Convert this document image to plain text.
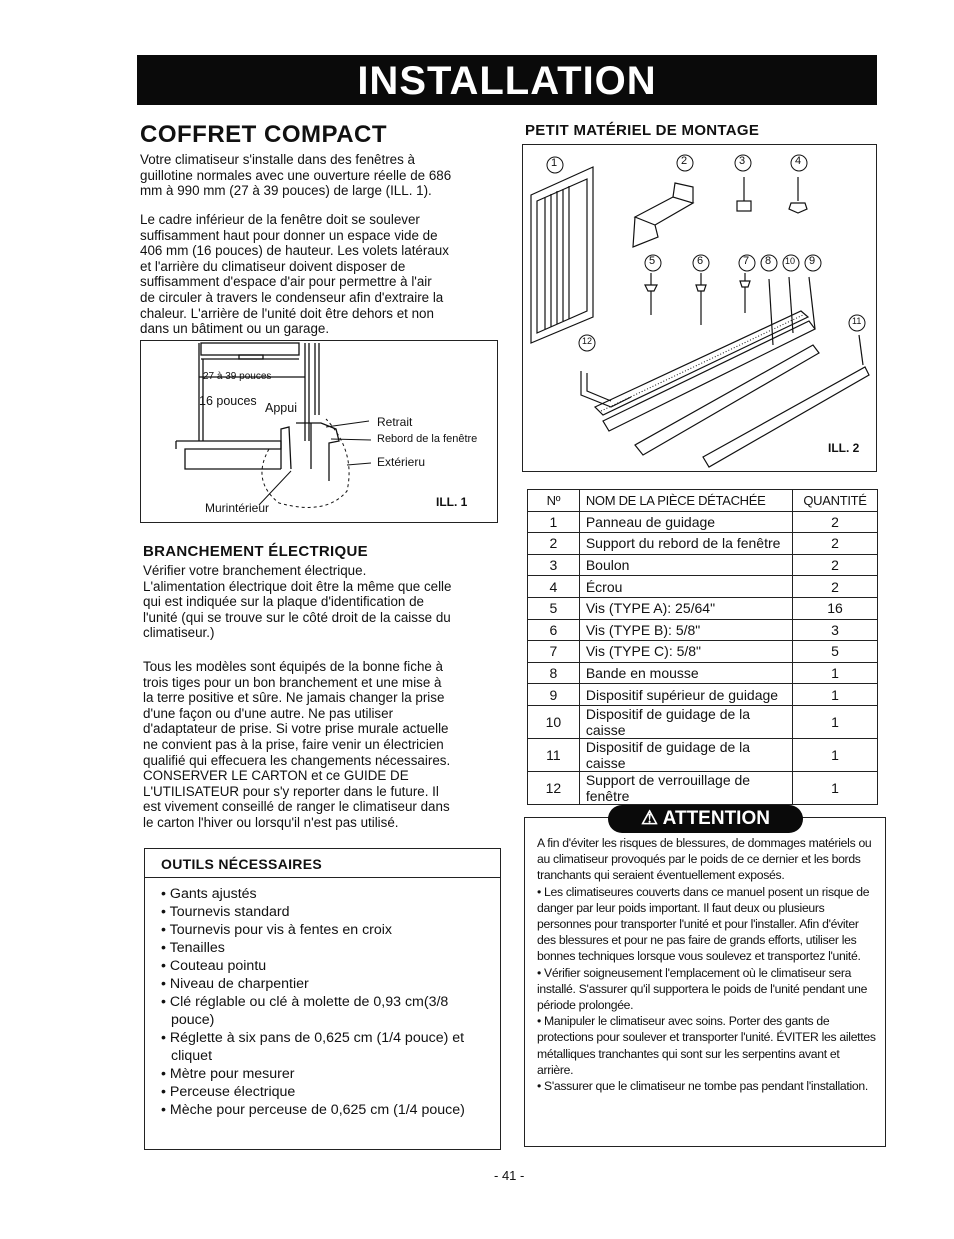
INSTALLATION
COFFRET COMPACT
Votre climatiseur s'installe dans des fenêtres à
guillotine normales avec une ouverture réelle de 686
mm à 990 mm (27 à 39 pouces) de large (ILL. 1).
Le cadre inférieur de la fenêtre doit se soulever
suffisamment haut pour donner un espace vide de
406 mm (16 pouces) de hauteur. Les volets latéraux
et l'arrière du climatiseur doivent disposer de
suffisamment d'espace d'air pour permettre à l'air
de circuler à travers le condenseur afin d'extraire la
chaleur. L'arrière de l'unité doit être dehors et non
dans un bâtiment ou un garage.
27 à 39 pouces
16 pouces Appui
Retrait
Rebord de la fenêtre
Extérieru
Murintérieur	ILL. 1
BRANCHEMENT ÉLECTRIQUE
Vérifier votre branchement électrique.
L'alimentation électrique doit être la même que celle
qui est indiquée sur la plaque d'identification de
l'unité (qui se trouve sur le côté droit de la caisse du
climatiseur.)
Tous les modèles sont équipés de la bonne fiche à
trois tiges pour un bon branchement et une mise à
la terre positive et sûre. Ne jamais changer la prise
d'une façon ou d'une autre. Ne pas utiliser
d'adaptateur de prise. Si votre prise murale actuelle
ne convient pas à la prise, faire venir un électricien
qualifié qui effecuera les changements nécessaires.
CONSERVER LE CARTON et ce GUIDE DE
L'UTILISATEUR pour s'y reporter dans le future. Il
est vivement conseillé de ranger le climatiseur dans
le carton l'hiver ou lorsqu'il n'est pas utilisé.
OUTILS NÉCESSAIRES
• Gants ajustés
• Tournevis standard
• Tournevis pour vis à fentes en croix
• Tenailles
• Couteau pointu
• Niveau de charpentier
• Clé réglable ou clé à molette de 0,93 cm(3/8 pouce)
• Réglette à six pans de 0,625 cm (1/4 pouce) et cliquet
• Mètre pour mesurer
• Perceuse électrique
• Mèche pour perceuse de 0,625 cm (1/4 pouce)
PETIT MATÉRIEL DE MONTAGE
1	2	3	4
5	6	7 8 10 9
11
12
ILL. 2
Nº	NOM DE LA PIÈCE DÉTACHÉE	QUANTITÉ
1	Panneau de guidage	2
2	Support du rebord de la fenêtre	2
3	Boulon	2
4	Écrou	2
5	Vis (TYPE A): 25/64"	16
6	Vis (TYPE B): 5/8"	3
7	Vis (TYPE C): 5/8"	5
8	Bande en mousse	1
9	Dispositif supérieur de guidage	1
10	Dispositif de guidage de la caisse	1
11	Dispositif de guidage de la caisse	1
12	Support de verrouillage de fenêtre	1
⚠ ATTENTION
A fin d'éviter les risques de blessures, de dommages matériels ou au climatiseur provoqués par le poids de ce dernier et les bords tranchants qui seraient éventuellement exposés.
• Les climatiseures couverts dans ce manuel posent un risque de danger par leur poids important. Il faut deux ou plusieurs personnes pour transporter l'unité et pour l'installer. Afin d'éviter des blessures et pour ne pas faire de grands efforts, utiliser les bonnes techniques lorsque vous soulevez et transportez l'unité.
• Vérifier soigneusement l'emplacement où le climatiseur sera installé. S'assurer qu'il supportera le poids de l'unité pendant une période prolongée.
• Manipuler le climatiseur avec soins. Porter des gants de protections pour soulever et transporter l'unité. ÉVITER les ailettes métalliques tranchantes qui sont sur les serpentins avant et arrière.
• S'assurer que le climatiseur ne tombe pas pendant l'installation.
- 41 -
